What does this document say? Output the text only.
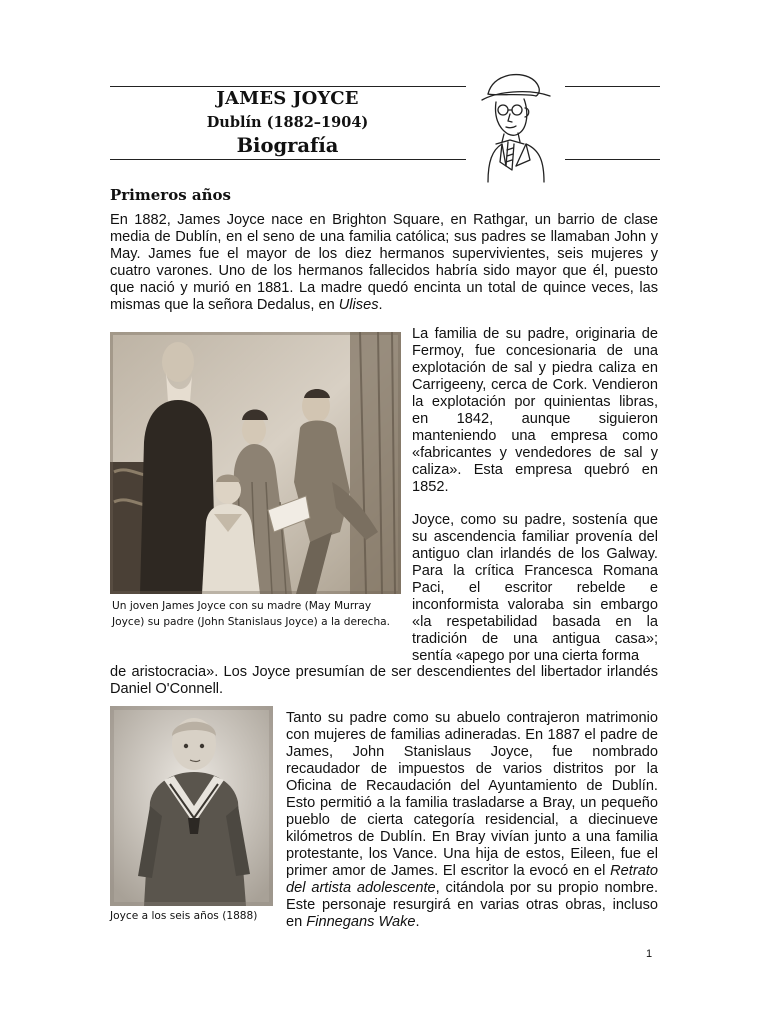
JAMES JOYCE
Dublín (1882–1904)
Biografía
Primeros años

En 1882, James Joyce nace en Brighton Square, en Rathgar, un barrio de clase media de Dublín, en el seno de una familia católica; sus padres se llamaban John y May. James fue el mayor de los diez hermanos supervivientes, seis mujeres y cuatro varones. Uno de los hermanos fallecidos habría sido mayor que él, puesto que nació y murió en 1881. La madre quedó encinta un total de quince veces, las mismas que la señora Dedalus, en Ulises.

Un joven James Joyce con su madre (May Murray Joyce) su padre (John Stanislaus Joyce) a la derecha.

La familia de su padre, originaria de Fermoy, fue concesionaria de una explotación de sal y piedra caliza en Carrigeeny, cerca de Cork. Vendieron la explotación por quinientas libras, en 1842, aunque siguieron manteniendo una empresa como «fabricantes y vendedores de sal y caliza». Esta empresa quebró en 1852.

Joyce, como su padre, sostenía que su ascendencia familiar provenía del antiguo clan irlandés de los Galway. Para la crítica Francesca Romana Paci, el escritor rebelde e inconformista valoraba sin embargo «la respetabilidad basada en la tradición de una antigua casa»; sentía «apego por una cierta forma

de aristocracia». Los Joyce presumían de ser descendientes del libertador irlandés Daniel O'Connell.

Joyce a los seis años (1888)

Tanto su padre como su abuelo contrajeron matrimonio con mujeres de familias adineradas. En 1887 el padre de James, John Stanislaus Joyce, fue nombrado recaudador de impuestos de varios distritos por la Oficina de Recaudación del Ayuntamiento de Dublín. Esto permitió a la familia trasladarse a Bray, un pequeño pueblo de cierta categoría residencial, a diecinueve kilómetros de Dublín. En Bray vivían junto a una familia protestante, los Vance. Una hija de estos, Eileen, fue el primer amor de James. El escritor la evocó en el Retrato del artista adolescente, citándola por su propio nombre. Este personaje resurgirá en varias otras obras, incluso en Finnegans Wake.

1
